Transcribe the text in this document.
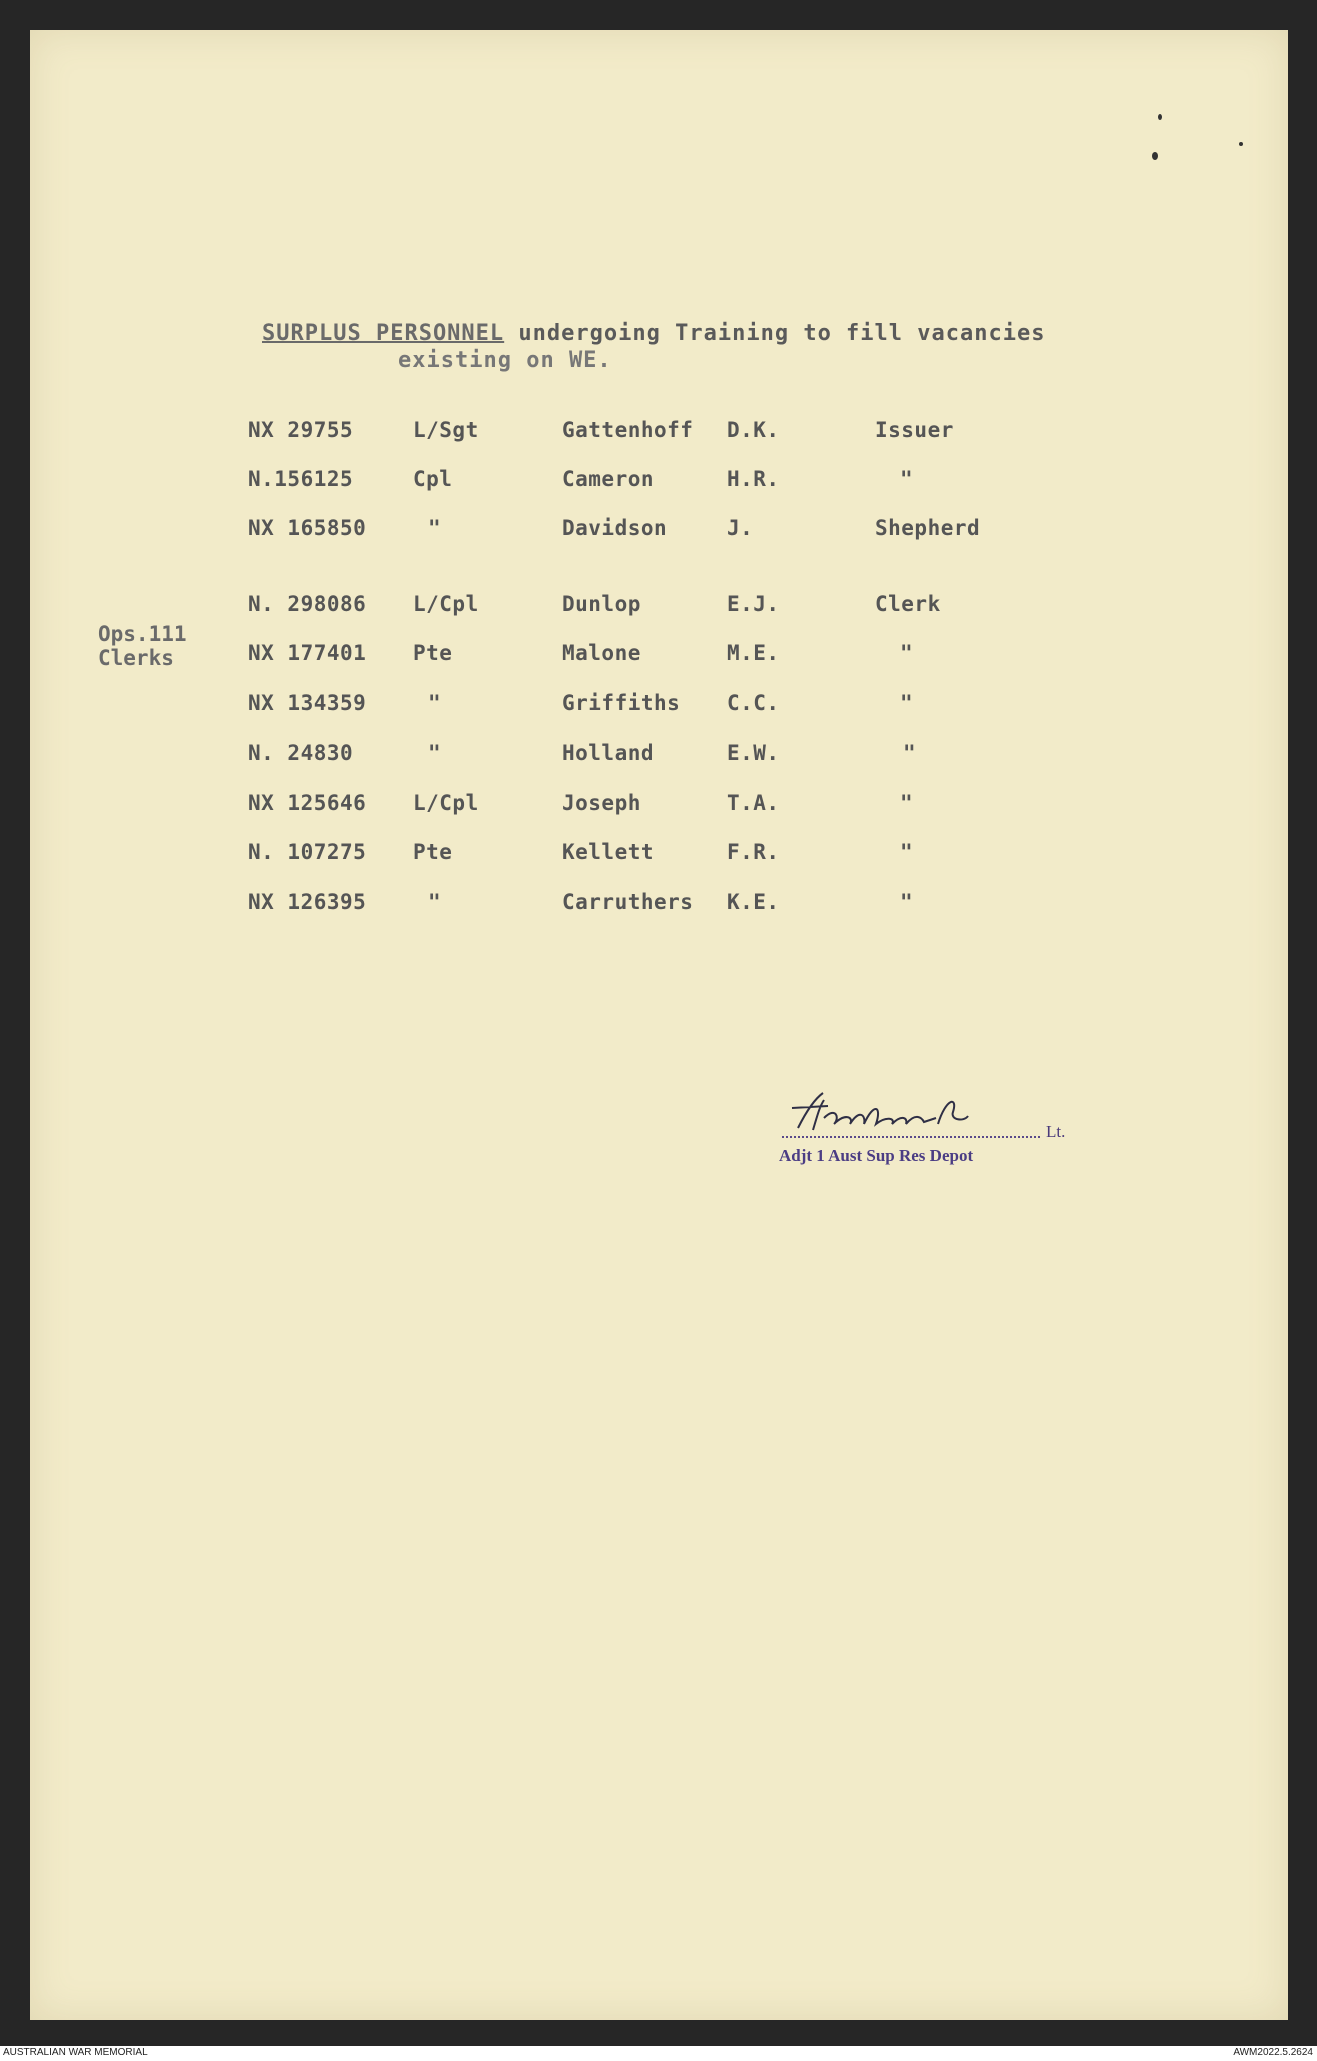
SURPLUS PERSONNEL undergoing Training to fill vacancies
existing on WE.
Ops.111
Clerks
NX 29755	L/Sgt	Gattenhoff D.K.	Issuer
N.156125	Cpl	Cameron	H.R.	"
NX 165850	"	Davidson	J.	Shepherd
N. 298086 L/Cpl	Dunlop	E.J.	Clerk
NX 177401 Pte	Malone	M.E.	"
NX 134359	"	Griffiths C.C.	"
N. 24830	"	Holland	E.W.	"
NX 125646 L/Cpl	Joseph	T.A.	"
N. 107275 Pte	Kellett	F.R.	"
NX 126395	"	Carruthers K.E.	"
Lt.
Adjt 1 Aust Sup Res Depot
AUSTRALIAN WAR MEMORIAL	AWM2022.5.2624
